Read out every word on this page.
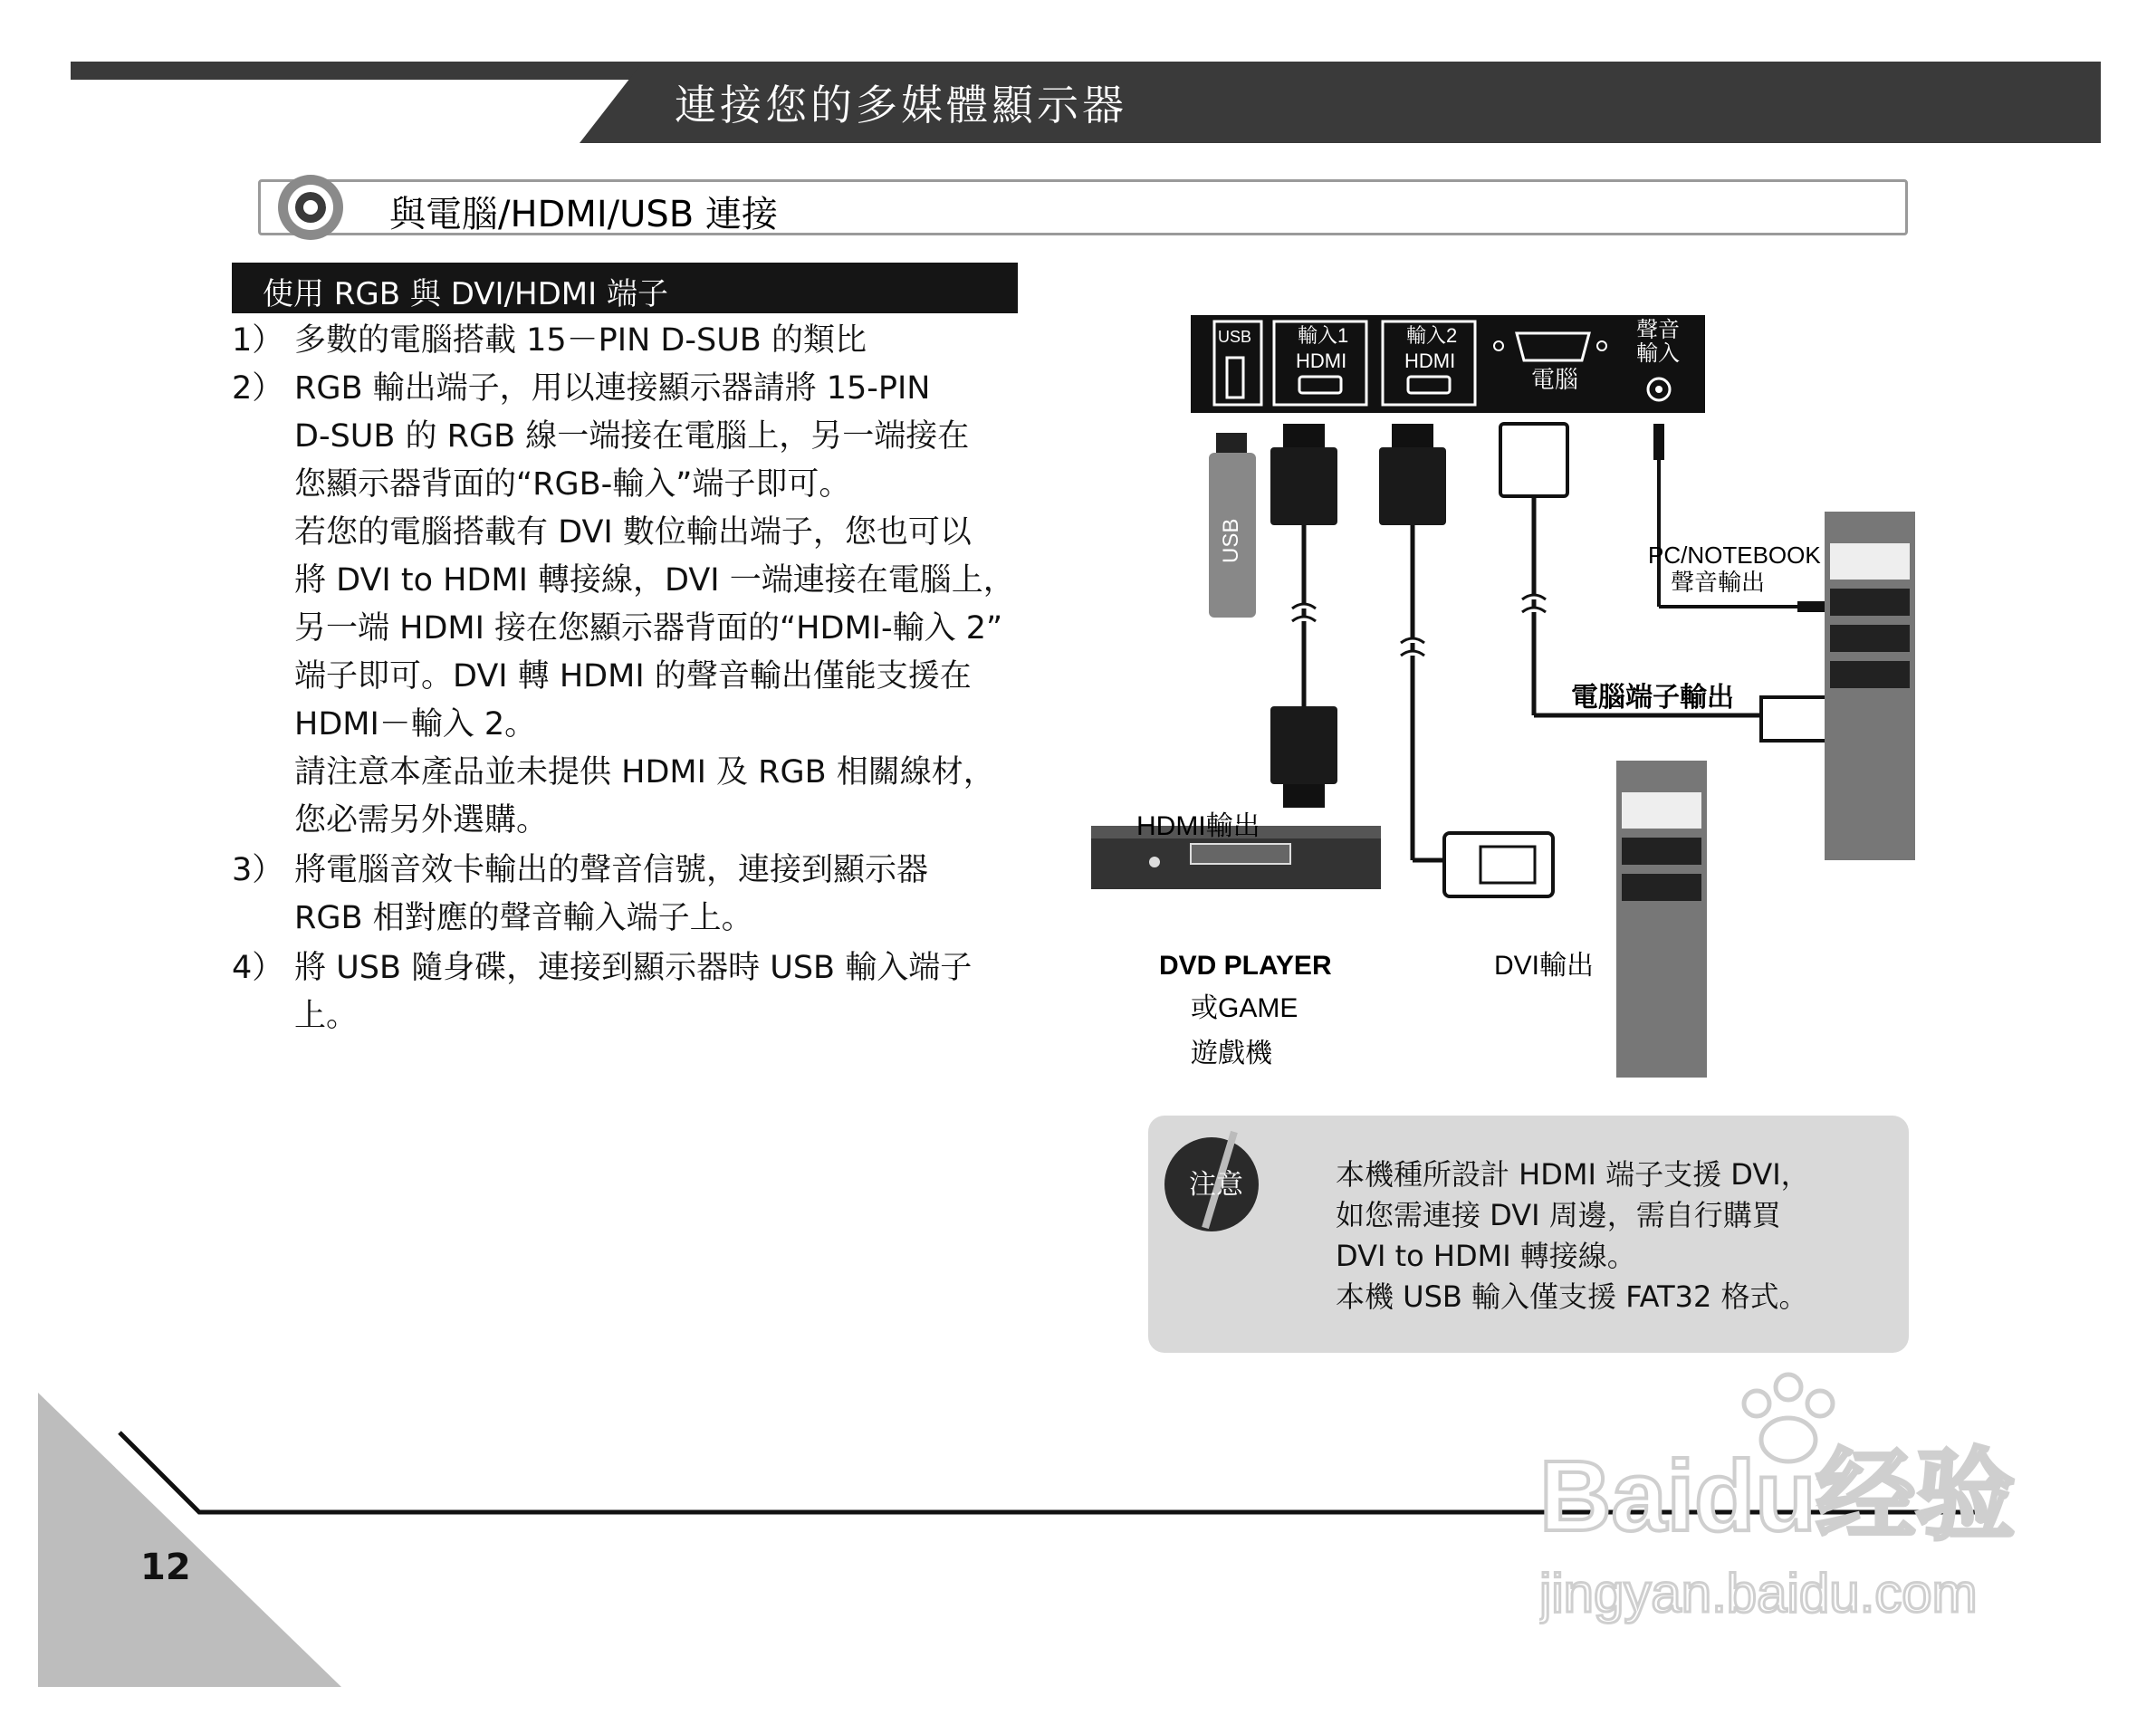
連接您的多媒體顯示器
與電腦/HDMI/USB 連接
使用 RGB 與 DVI/HDMI 端子
1） 多數的電腦搭載 15－PIN D-SUB 的類比
2） RGB 輸出端子，用以連接顯示器請將 15-PIN
D-SUB 的 RGB 線一端接在電腦上，另一端接在
您顯示器背面的“RGB-輸入”端子即可。
若您的電腦搭載有 DVI 數位輸出端子，您也可以
將 DVI to HDMI 轉接線，DVI 一端連接在電腦上，
另一端 HDMI 接在您顯示器背面的“HDMI-輸入 2”
端子即可。DVI 轉 HDMI 的聲音輸出僅能支援在
HDMI－輸入 2。
請注意本產品並未提供 HDMI 及 RGB 相關線材，
您必需另外選購。
3） 將電腦音效卡輸出的聲音信號，連接到顯示器
RGB 相對應的聲音輸入端子上。
4） 將 USB 隨身碟，連接到顯示器時 USB 輸入端子
上。
USB 輸入1
HDMI
輸入2
HDMI
電腦
聲音
輸入
USB	PC/NOTEBOOK
聲音輸出
電腦端子輸出
HDMI輸出
DVI輸出
DVD PLAYER
或GAME
遊戲機
注意	本機種所設計 HDMI 端子支援 DVI，
如您需連接 DVI 周邊，需自行購買
DVI to HDMI 轉接線。
本機 USB 輸入僅支援 FAT32 格式。
12
Baidu经验
jingyan.baidu.com
